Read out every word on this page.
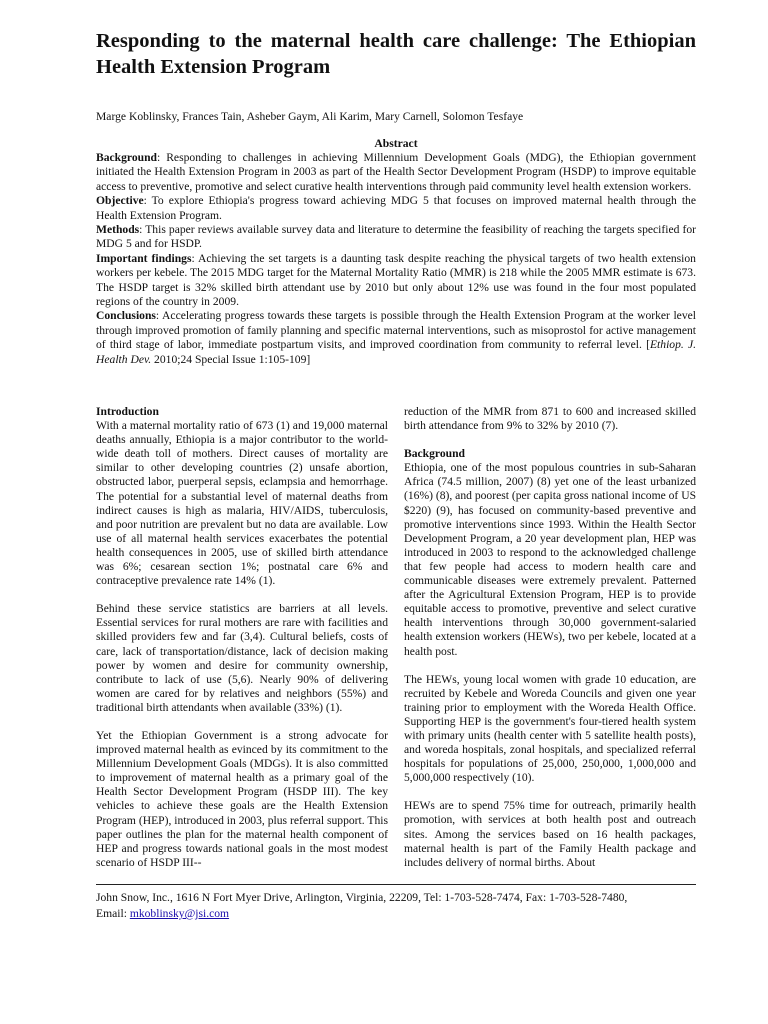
Responding to the maternal health care challenge: The Ethiopian Health Extension Program

Marge Koblinsky, Frances Tain, Asheber Gaym, Ali Karim, Mary Carnell, Solomon Tesfaye

Abstract

Background: Responding to challenges in achieving Millennium Development Goals (MDG), the Ethiopian government initiated the Health Extension Program in 2003 as part of the Health Sector Development Program (HSDP) to improve equitable access to preventive, promotive and select curative health interventions through paid community level health extension workers.

Objective: To explore Ethiopia's progress toward achieving MDG 5 that focuses on improved maternal health through the Health Extension Program.

Methods: This paper reviews available survey data and literature to determine the feasibility of reaching the targets specified for MDG 5 and for HSDP.

Important findings: Achieving the set targets is a daunting task despite reaching the physical targets of two health extension workers per kebele. The 2015 MDG target for the Maternal Mortality Ratio (MMR) is 218 while the 2005 MMR estimate is 673. The HSDP target is 32% skilled birth attendant use by 2010 but only about 12% use was found in the four most populated regions of the country in 2009.

Conclusions: Accelerating progress towards these targets is possible through the Health Extension Program at the worker level through improved promotion of family planning and specific maternal interventions, such as misoprostol for active management of third stage of labor, immediate postpartum visits, and improved coordination from community to referral level. [Ethiop. J. Health Dev. 2010;24 Special Issue 1:105-109]

Introduction

With a maternal mortality ratio of 673 (1) and 19,000 maternal deaths annually, Ethiopia is a major contributor to the world-wide death toll of mothers. Direct causes of mortality are similar to other developing countries (2) unsafe abortion, obstructed labor, puerperal sepsis, eclampsia and hemorrhage. The potential for a substantial level of maternal deaths from indirect causes is high as malaria, HIV/AIDS, tuberculosis, and poor nutrition are prevalent but no data are available. Low use of all maternal health services exacerbates the potential health consequences in 2005, use of skilled birth attendance was 6%; cesarean section 1%; postnatal care 6% and contraceptive prevalence rate 14% (1).

Behind these service statistics are barriers at all levels. Essential services for rural mothers are rare with facilities and skilled providers few and far (3,4). Cultural beliefs, costs of care, lack of transportation/distance, lack of decision making power by women and desire for community ownership, contribute to lack of use (5,6). Nearly 90% of delivering women are cared for by relatives and neighbors (55%) and traditional birth attendants when available (33%) (1).

Yet the Ethiopian Government is a strong advocate for improved maternal health as evinced by its commitment to the Millennium Development Goals (MDGs). It is also committed to improvement of maternal health as a primary goal of the Health Sector Development Program (HSDP III). The key vehicles to achieve these goals are the Health Extension Program (HEP), introduced in 2003, plus referral support. This paper outlines the plan for the maternal health component of HEP and progress towards national goals in the most modest scenario of HSDP III--

reduction of the MMR from 871 to 600 and increased skilled birth attendance from 9% to 32% by 2010 (7).

Background

Ethiopia, one of the most populous countries in sub-Saharan Africa (74.5 million, 2007) (8) yet one of the least urbanized (16%) (8), and poorest (per capita gross national income of US $220) (9), has focused on community-based preventive and promotive interventions since 1993. Within the Health Sector Development Program, a 20 year development plan, HEP was introduced in 2003 to respond to the acknowledged challenge that few people had access to modern health care and communicable diseases were extremely prevalent. Patterned after the Agricultural Extension Program, HEP is to provide equitable access to promotive, preventive and select curative health interventions through 30,000 government-salaried health extension workers (HEWs), two per kebele, located at a health post.

The HEWs, young local women with grade 10 education, are recruited by Kebele and Woreda Councils and given one year training prior to employment with the Woreda Health Office. Supporting HEP is the government's four-tiered health system with primary units (health center with 5 satellite health posts), and woreda hospitals, zonal hospitals, and specialized referral hospitals for populations of 25,000, 250,000, 1,000,000 and 5,000,000 respectively (10).

HEWs are to spend 75% time for outreach, primarily health promotion, with services at both health post and outreach sites. Among the services based on 16 health packages, maternal health is part of the Family Health package and includes delivery of normal births. About

John Snow, Inc., 1616 N Fort Myer Drive, Arlington, Virginia, 22209, Tel: 1-703-528-7474, Fax: 1-703-528-7480,
Email: mkoblinsky@jsi.com
